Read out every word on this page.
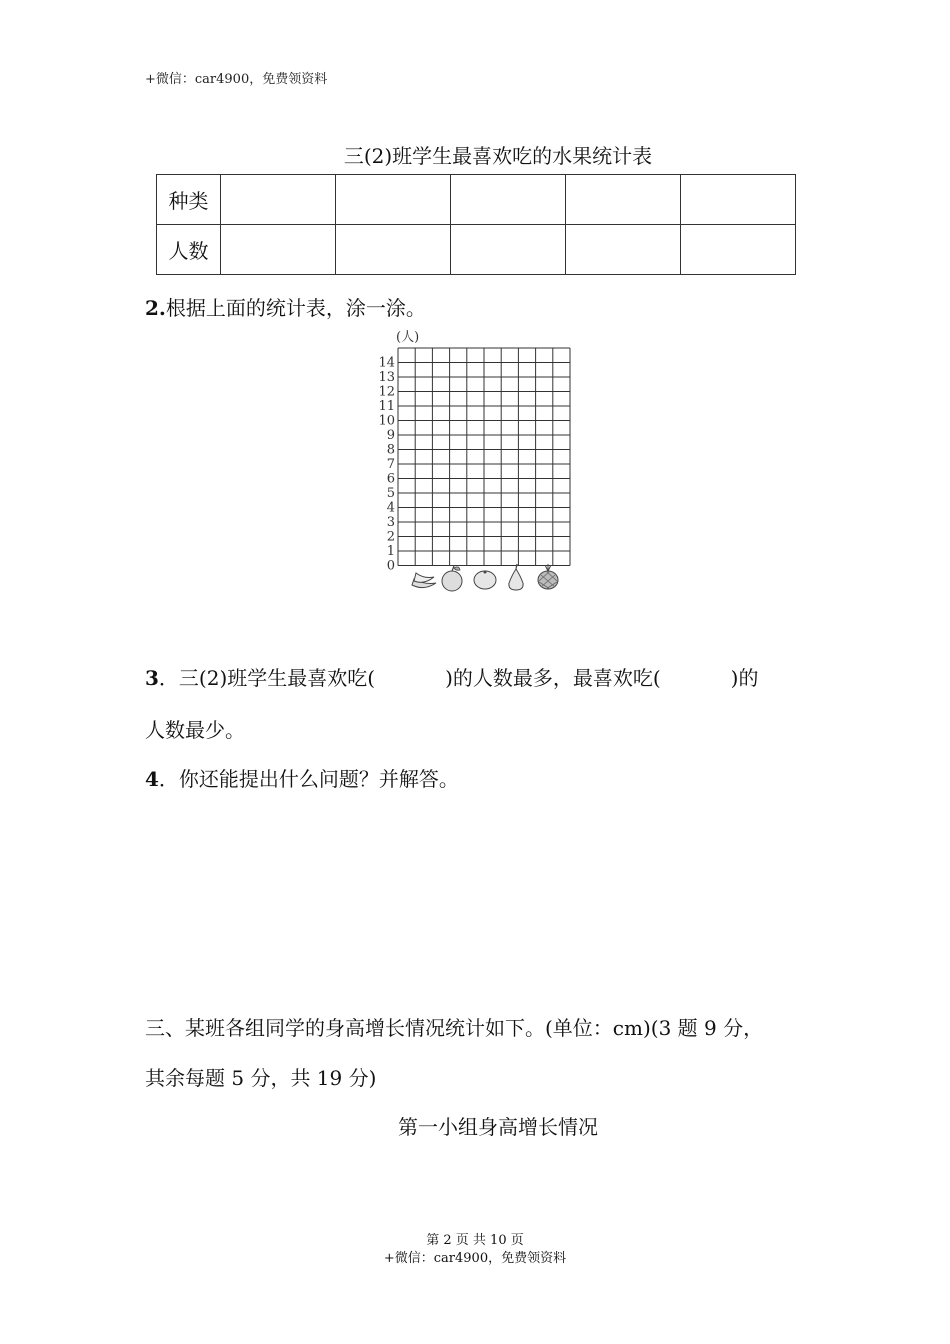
+微信：car4900，免费领资料
三(2)班学生最喜欢吃的水果统计表
种类					
人数					
2.根据上面的统计表，涂一涂。
(人)
0
1
2
3
4
5
6
7
8
9
10
11
12
13
14
3．三(2)班学生最喜欢吃(	)的人数最多，最喜欢吃(	)的
人数最少。
4．你还能提出什么问题？并解答。
三、某班各组同学的身高增长情况统计如下。(单位：cm)(3 题 9 分，
其余每题 5 分，共 19 分)
第一小组身高增长情况
第 2 页 共 10 页
+微信：car4900，免费领资料
